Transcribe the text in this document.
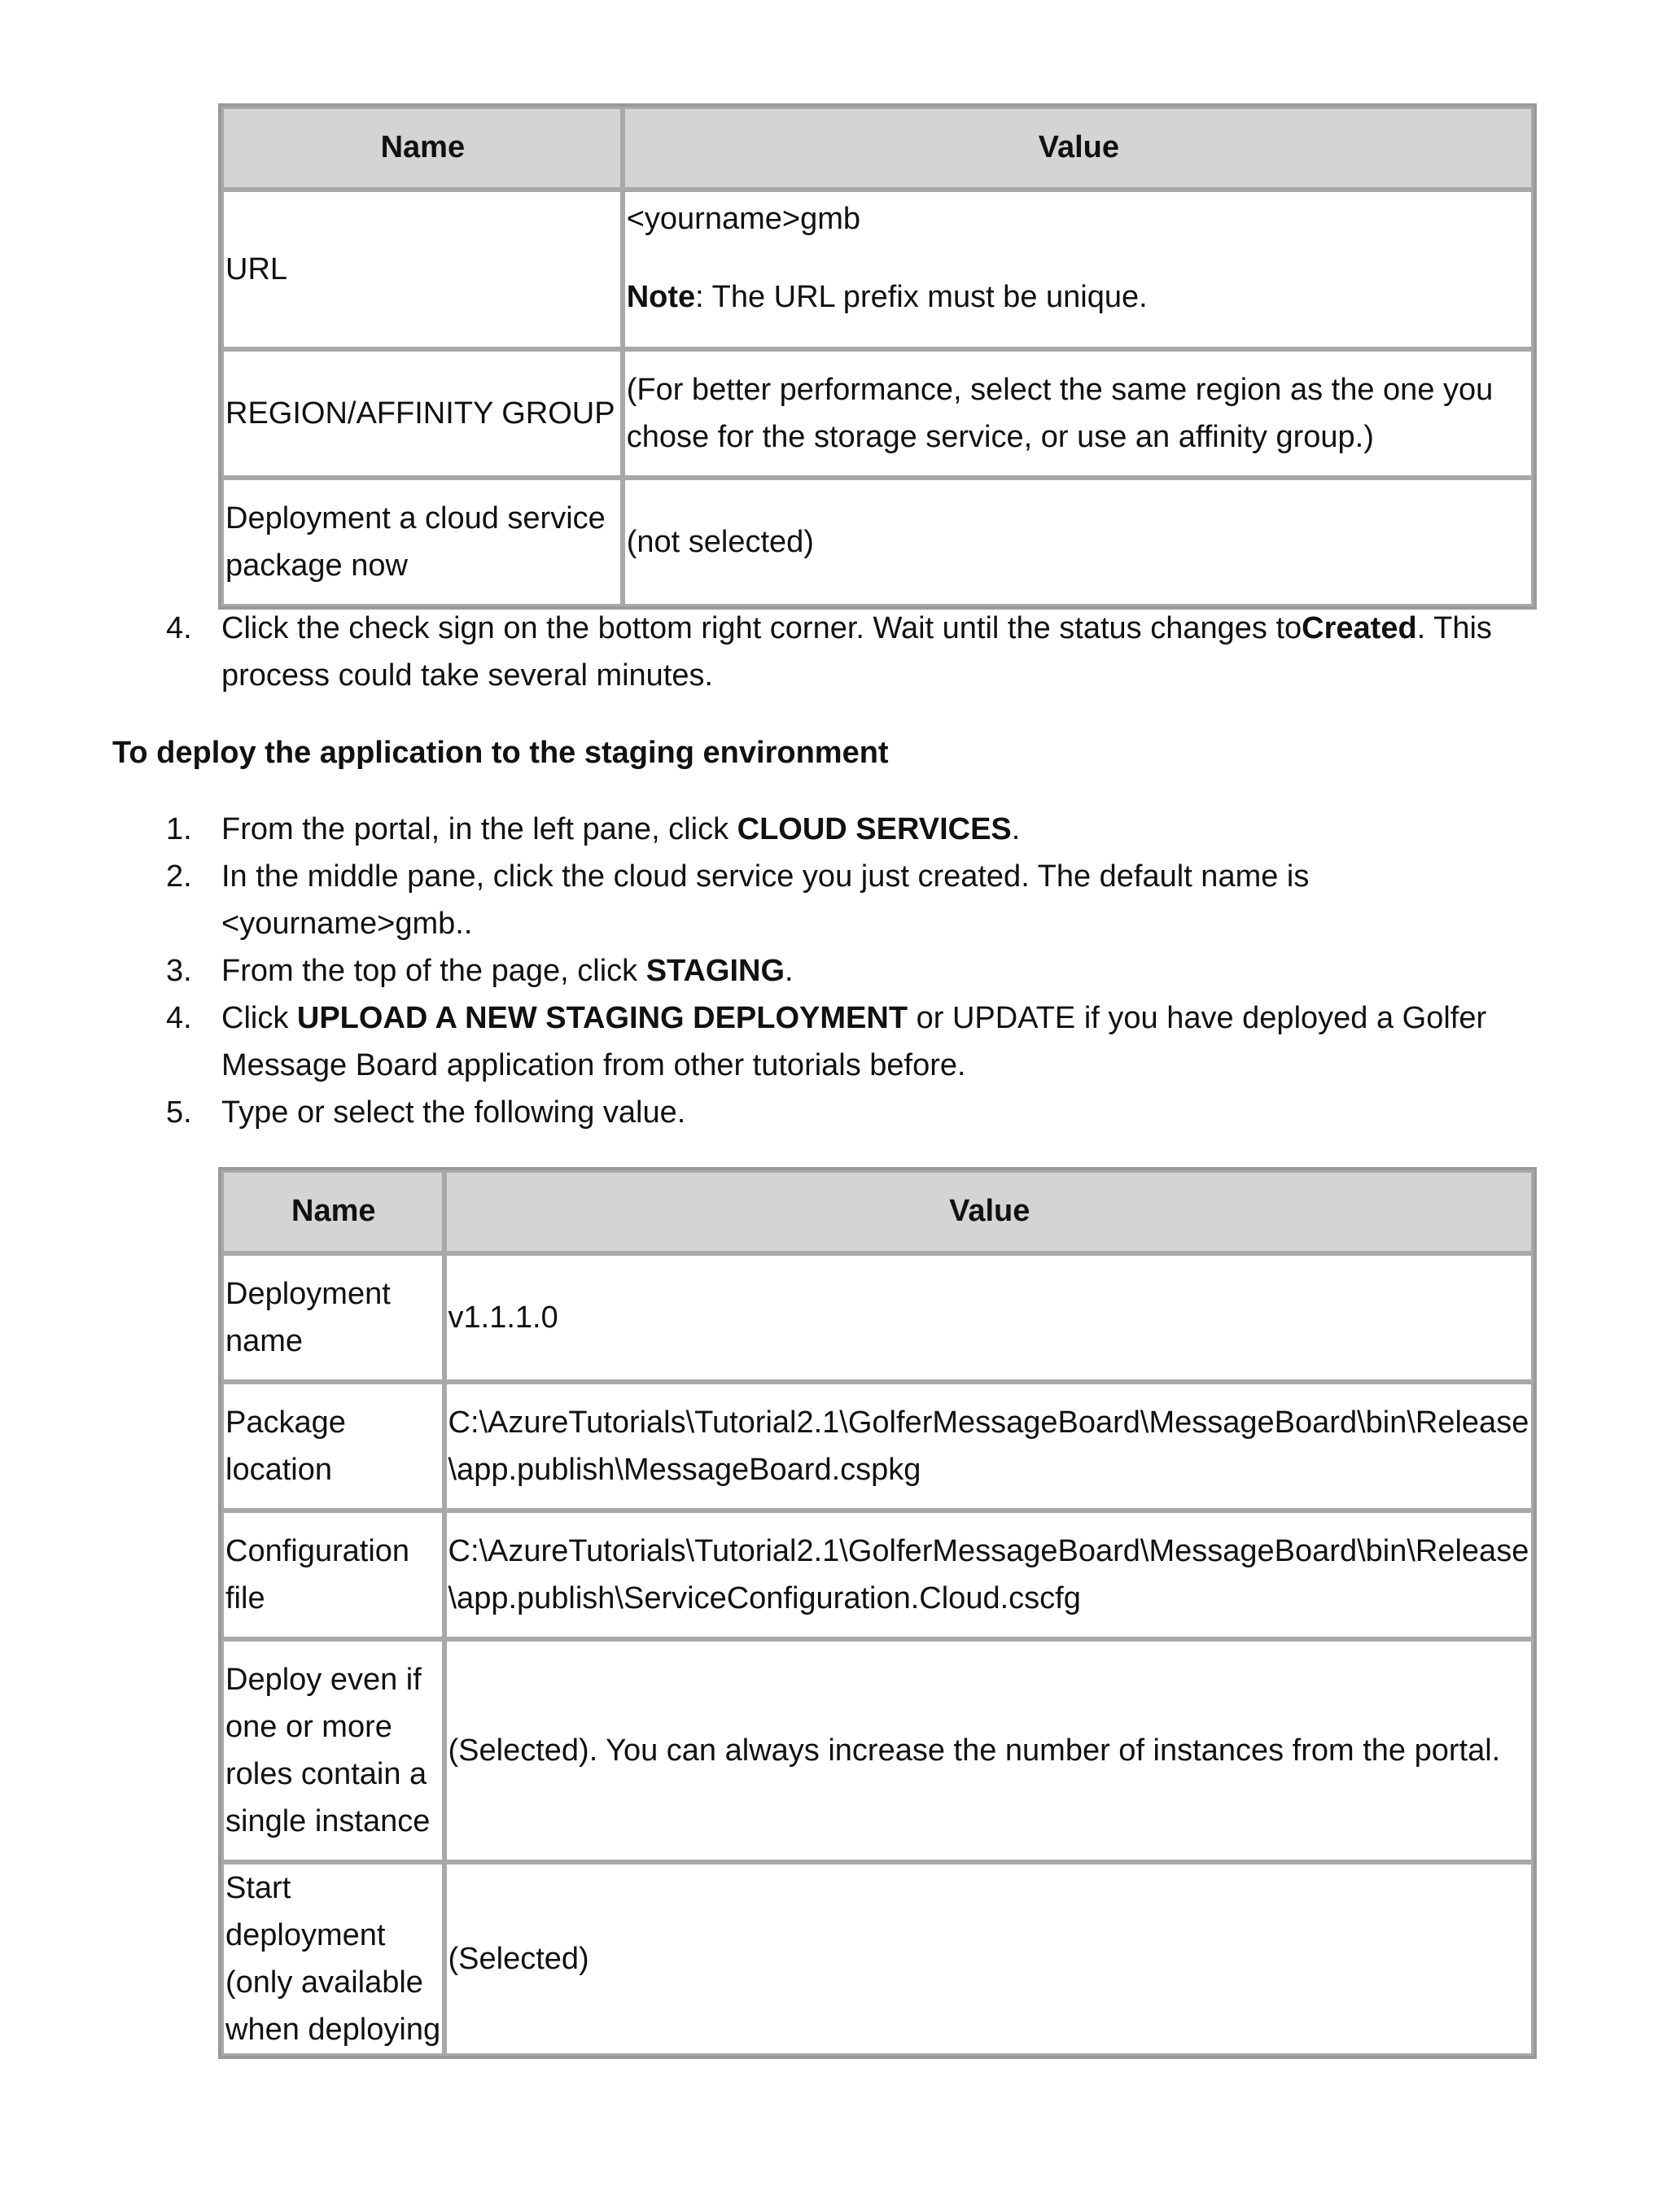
Name	Value
URL	<yourname>gmb
Note: The URL prefix must be unique.

REGION/AFFINITY GROUP	(For better performance, select the same region as the one you chose for the storage service, or use an affinity group.)
Deployment a cloud service package now	(not selected)
4. Click the check sign on the bottom right corner. Wait until the status changes toCreated. This process could take several minutes.
To deploy the application to the staging environment
1. From the portal, in the left pane, click CLOUD SERVICES.
2. In the middle pane, click the cloud service you just created. The default name is <yourname>gmb..
3. From the top of the page, click STAGING.
4. Click UPLOAD A NEW STAGING DEPLOYMENT or UPDATE if you have deployed a Golfer Message Board application from other tutorials before.
5. Type or select the following value.
Name	Value
Deployment name	v1.1.1.0
Package location	C:\AzureTutorials\Tutorial2.1\GolferMessageBoard\MessageBoard\bin\Release \app.publish\MessageBoard.cspkg
Configuration file	C:\AzureTutorials\Tutorial2.1\GolferMessageBoard\MessageBoard\bin\Release \app.publish\ServiceConfiguration.Cloud.cscfg
Deploy even if one or more roles contain a single instance	(Selected). You can always increase the number of instances from the portal.
Start deployment (only available when deploying	(Selected)
